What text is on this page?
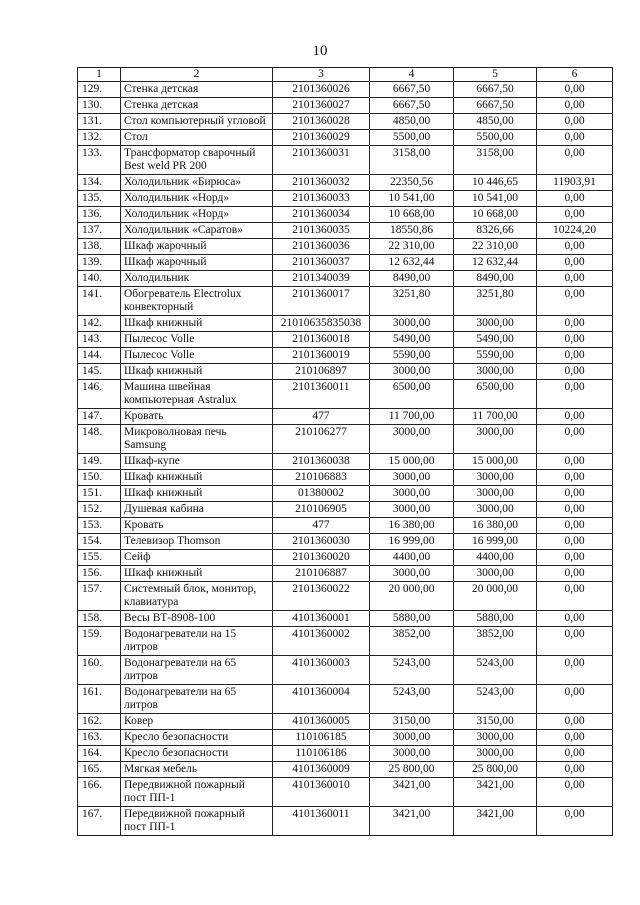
10
1	2	3	4	5	6
129.	Стенка детская	2101360026	6667,50	6667,50	0,00
130.	Стенка детская	2101360027	6667,50	6667,50	0,00
131.	Стол компьютерный угловой	2101360028	4850,00	4850,00	0,00
132.	Стол	2101360029	5500,00	5500,00	0,00
133.	Трансформатор сварочный Best weld PR 200	2101360031	3158,00	3158,00	0,00
134.	Холодильник «Бирюса»	2101360032	22350,56	10 446,65	11903,91
135.	Холодильник «Норд»	2101360033	10 541,00	10 541,00	0,00
136.	Холодильник «Норд»	2101360034	10 668,00	10 668,00	0,00
137.	Холодильник «Саратов»	2101360035	18550,86	8326,66	10224,20
138.	Шкаф жарочный	2101360036	22 310,00	22 310,00	0,00
139.	Шкаф жарочный	2101360037	12 632,44	12 632,44	0,00
140.	Холодильник	2101340039	8490,00	8490,00	0,00
141.	Обогреватель Electrolux конвекторный	2101360017	3251,80	3251,80	0,00
142.	Шкаф книжный	21010635835038	3000,00	3000,00	0,00
143.	Пылесос Volle	2101360018	5490,00	5490,00	0,00
144.	Пылесос Volle	2101360019	5590,00	5590,00	0,00
145.	Шкаф книжный	210106897	3000,00	3000,00	0,00
146.	Машина швейная компьютерная Astralux	2101360011	6500,00	6500,00	0,00
147.	Кровать	477	11 700,00	11 700,00	0,00
148.	Микроволновая печь Samsung	210106277	3000,00	3000,00	0,00
149.	Шкаф-купе	2101360038	15 000,00	15 000,00	0,00
150.	Шкаф книжный	210106883	3000,00	3000,00	0,00
151.	Шкаф книжный	01380002	3000,00	3000,00	0,00
152.	Душевая кабина	210106905	3000,00	3000,00	0,00
153.	Кровать	477	16 380,00	16 380,00	0,00
154.	Телевизор Thomson	2101360030	16 999,00	16 999,00	0,00
155.	Сейф	2101360020	4400,00	4400,00	0,00
156.	Шкаф книжный	210106887	3000,00	3000,00	0,00
157.	Системный блок, монитор, клавиатура	2101360022	20 000,00	20 000,00	0,00
158.	Весы ВТ-8908-100	4101360001	5880,00	5880,00	0,00
159.	Водонагреватели на 15 литров	4101360002	3852,00	3852,00	0,00
160.	Водонагреватели на 65 литров	4101360003	5243,00	5243,00	0,00
161.	Водонагреватели на 65 литров	4101360004	5243,00	5243,00	0,00
162.	Ковер	4101360005	3150,00	3150,00	0,00
163.	Кресло безопасности	110106185	3000,00	3000,00	0,00
164.	Кресло безопасности	110106186	3000,00	3000,00	0,00
165.	Мягкая мебель	4101360009	25 800,00	25 800,00	0,00
166.	Передвижной пожарный пост ПП-1	4101360010	3421,00	3421,00	0,00
167.	Передвижной пожарный пост ПП-1	4101360011	3421,00	3421,00	0,00
